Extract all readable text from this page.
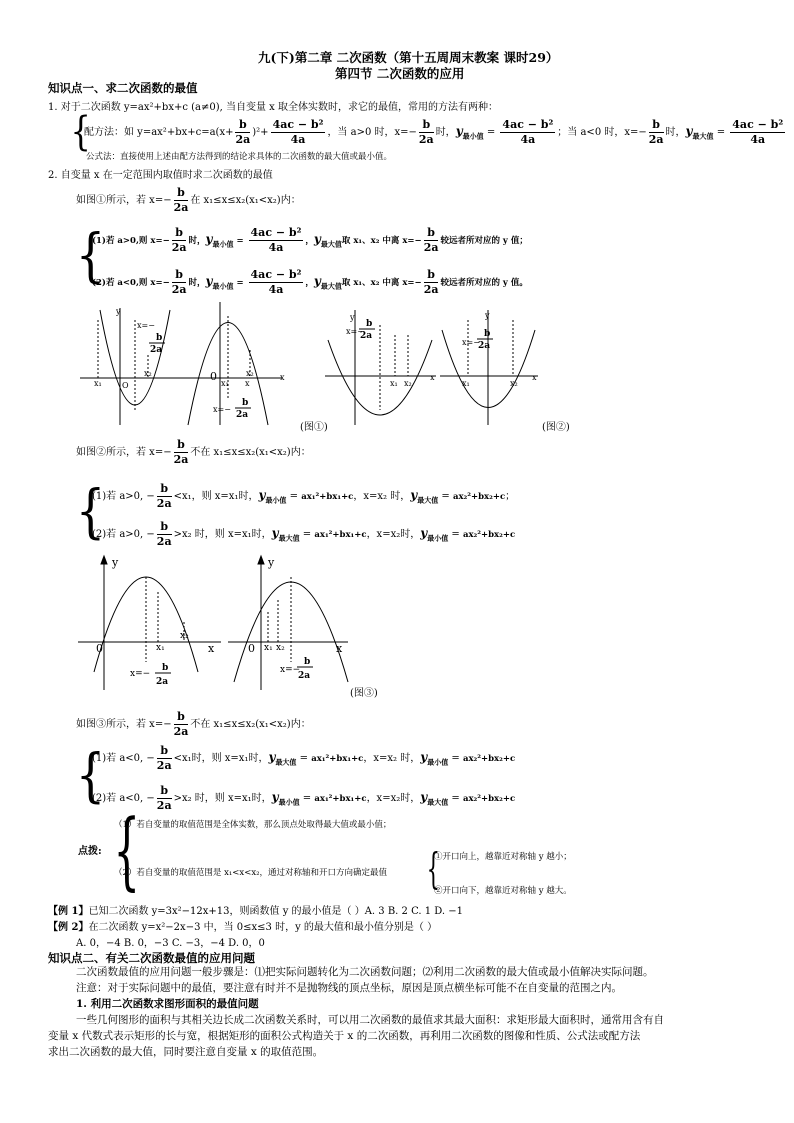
九(下)第二章 二次函数（第十五周周末教案 课时29）
第四节 二次函数的应用
知识点一、求二次函数的最值
1. 对于二次函数 y=ax²+bx+c (a≠0), 当自变量 x 取全体实数时，求它的最值，常用的方法有两种：
{
配方法：如 $y=ax^2+bx+c=a(x+ \frac{b}{2a} )^2+ \frac{\text{4ac − b²}}{4a}$ ，当 a>0 时，$x=- \frac{b}{2a}$ 时，$y_{最小值} = \frac{\text{4ac − b²}}{4a}$ ；当 a<0 时，$x=- \frac{b}{2a}$ 时，$y_{最大值} = \frac{\text{4ac − b²}}{4a}$
公式法：直接使用上述由配方法得到的结论求具体的二次函数的最大值或最小值。
2. 自变量 x 在一定范围内取值时求二次函数的最值
如图①所示，若 $x=- \frac{b}{2a}$ 在 x₁≤x≤x₂(x₁<x₂)内：
{
(1)若 a>0,则 $x=- \frac{b}{2a}$ 时，$y_{最小值} = \frac{\text{4ac − b²}}{4a}$ ，$y_{最大值}$取 x₁、x₂ 中离 $x=- \frac{b}{2a}$ 较远者所对应的 y 值；
(2)若 a<0,则 $x=- \frac{b}{2a}$ 时，$y_{最小值} = \frac{\text{4ac − b²}}{4a}$ ，$y_{最大值}$取 x₁、x₂ 中离 $x=- \frac{b}{2a}$ 较远者所对应的 y 值。
y
O	x
x₁
x₂
x=−
0
x₁
x₂	x
x=−
y
x=−
x₁ x₂
x
y
x=−
x₁	x₂
x
b
2a
b
2a
b
2a	b
2a
(图①)	(图②)
如图②所示，若 $x=- \frac{b}{2a}$ 不在 x₁≤x≤x₂(x₁<x₂)内：
{
(1)若 a>0, − $\frac{b}{2a} <x_1$，则 x=x₁时，$y_{最小值} = ax_1^2+bx_1+c$，x=x₂ 时，$y_{最大值} = ax_2^2+bx_2+c$；
(2)若 a>0, − $\frac{b}{2a} >x_2$ 时，则 x=x₁时，$y_{最大值} = ax_1^2+bx_1+c$，x=x₂时，$y_{最小值} = ax_2^2+bx_2+c$
y
0	x
x₁
x₂
x=−
y
0	x
x₁ x₂
x=−
b
2a
b
2a
(图③)
如图③所示，若 $x=- \frac{b}{2a}$ 不在 x₁≤x≤x₂(x₁<x₂)内：
{
(1)若 a<0, − $\frac{b}{2a} <x_1$时，则 x=x₁时，$y_{最大值} = ax_1^2+bx_1+c$，x=x₂ 时，$y_{最小值} = ax_2^2+bx_2+c$
(2)若 a<0, − $\frac{b}{2a} >x_2$ 时，则 x=x₁时，$y_{最小值} = ax_1^2+bx_1+c$，x=x₂时，$y_{最大值} = ax_2^2+bx_2+c$
点拨: {
（1）若自变量的取值范围是全体实数，那么顶点处取得最大值或最小值；
（2）若自变量的取值范围是 x₁<x<x₂，通过对称轴和开口方向确定最值 {
①开口向上，越靠近对称轴 y 越小；
②开口向下，越靠近对称轴 y 越大。
【例 1】已知二次函数 y=3x²−12x+13，则函数值 y 的最小值是（ ）A. 3 B. 2 C. 1 D. −1
【例 2】在二次函数 y=x²−2x−3 中，当 0≤x≤3 时，y 的最大值和最小值分别是（ ）
A. 0，−4 B. 0，−3 C. −3，−4 D. 0，0
知识点二、有关二次函数最值的应用问题
二次函数最值的应用问题一般步骤是：⑴把实际问题转化为二次函数问题；⑵利用二次函数的最大值或最小值解决实际问题。
注意：对于实际问题中的最值，要注意有时并不是抛物线的顶点坐标，原因是顶点横坐标可能不在自变量的范围之内。
1. 利用二次函数求图形面积的最值问题
一些几何图形的面积与其相关边长成二次函数关系时，可以用二次函数的最值求其最大面积：求矩形最大面积时，通常用含有自
变量 x 代数式表示矩形的长与宽，根据矩形的面积公式构造关于 x 的二次函数，再利用二次函数的图像和性质、公式法或配方法
求出二次函数的最大值，同时要注意自变量 x 的取值范围。
